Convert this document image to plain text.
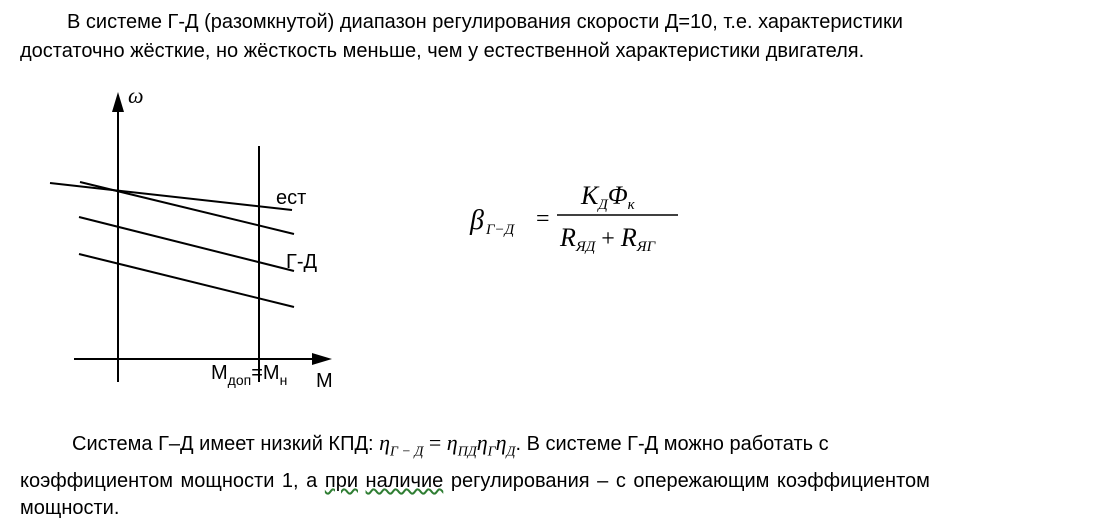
В системе Г-Д (разомкнутой) диапазон регулирования скорости Д=10, т.е. характеристики
достаточно жёсткие, но жёсткость меньше, чем у естественной характеристики двигателя.
ω
ест
Г-Д
$М_{доп}=М_н$ М
β Г−Д =
КДΦк
RЯД + RЯГ
Система Г–Д имеет низкий КПД: $\eta_{Г - Д} = \eta_{ПД}\eta_Г\eta_Д$. В системе Г-Д можно работать с
коэффициентом мощности 1, а при наличие регулирования – с опережающим коэффициентом
мощности.
